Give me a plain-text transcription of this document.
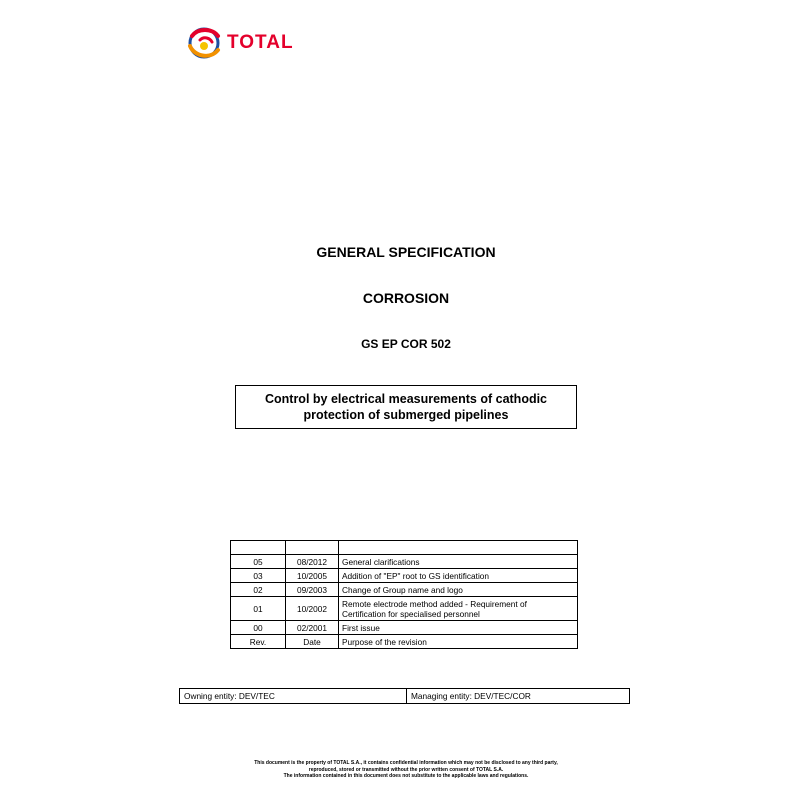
TOTAL
GENERAL SPECIFICATION
CORROSION
GS EP COR 502
Control by electrical measurements of cathodic
protection of submerged pipelines

05	08/2012	General clarifications
03	10/2005	Addition of "EP" root to GS identification
02	09/2003	Change of Group name and logo
01	10/2002	Remote electrode method added - Requirement of
Certification for specialised personnel

00	02/2001	First issue
Rev.	Date	Purpose of the revision
Owning entity: DEV/TEC	Managing entity: DEV/TEC/COR
This document is the property of TOTAL S.A., it contains confidential information which may not be disclosed to any third party,
reproduced, stored or transmitted without the prior written consent of TOTAL S.A.
The information contained in this document does not substitute to the applicable laws and regulations.
